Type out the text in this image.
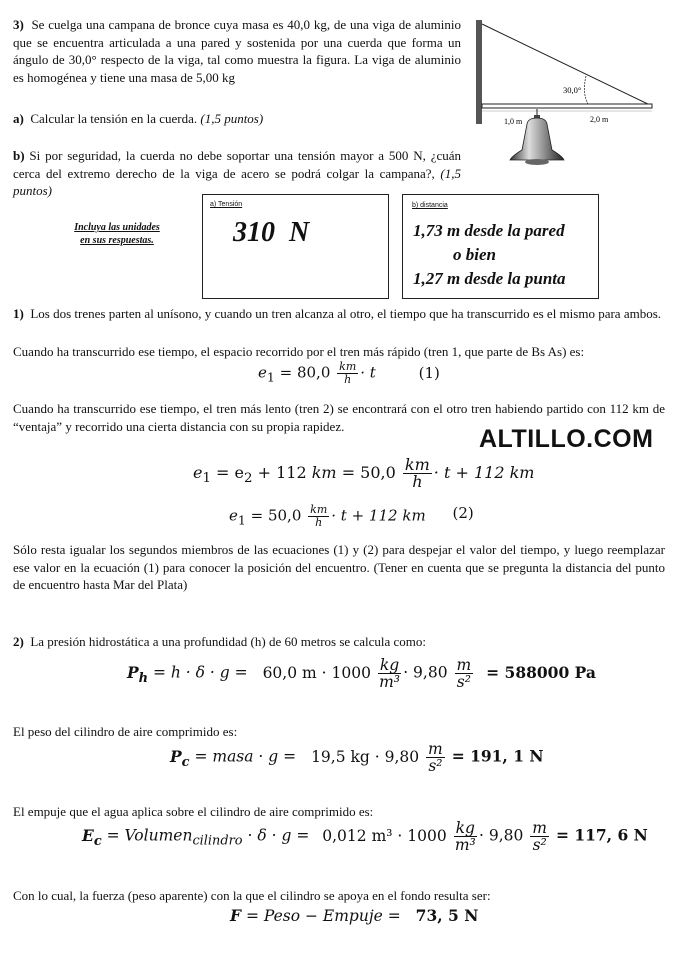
3) Se cuelga una campana de bronce cuya masa es 40,0 kg, de una viga de aluminio que se encuentra articulada a una pared y sostenida por una cuerda que forma un ángulo de 30,0° respecto de la viga, tal como muestra la figura. La viga de aluminio es homogénea y tiene una masa de 5,00 kg
a) Calcular la tensión en la cuerda. (1,5 puntos)
b) Si por seguridad, la cuerda no debe soportar una tensión mayor a 500 N, ¿cuán cerca del extremo derecho de la viga de acero se podrá colgar la campana?, (1,5 puntos)
Incluya las unidades
en sus respuestas.
a) Tensión
310  N
b) distancia
1,73 m desde la pared
o bien
1,27 m desde la punta
30,0°
1,0 m	2,0 m
1) Los dos trenes parten al unísono, y cuando un tren alcanza al otro, el tiempo que ha transcurrido es el mismo para ambos.
Cuando ha transcurrido ese tiempo, el espacio recorrido por el tren más rápido (tren 1, que parte de Bs As) es:
$e_1 = 80,0 \frac{km}{h} \cdot t$	(1)
Cuando ha transcurrido ese tiempo, el tren más lento (tren 2) se encontrará con el otro tren habiendo partido con 112 km de “ventaja” y recorrido una cierta distancia con su propia rapidez.	ALTILLO.COM
$e_1 = e_2 + 112$ km = $50,0 \frac{km}{h} \cdot t + 112$ km
$e_1 = 50,0 \frac{km}{h} \cdot t + 112$ km (2)
Sólo resta igualar los segundos miembros de las ecuaciones (1) y (2) para despejar el valor del tiempo, y luego reemplazar ese valor en la ecuación (1) para conocer la posición del encuentro. (Tener en cuenta que se pregunta la distancia del punto de encuentro hasta Mar del Plata)
2) La presión hidrostática a una profundidad (h) de 60 metros se calcula como:
$P_h = h \cdot \delta \cdot g = 60,0$ $m \cdot 1000 \frac{kg}{\text{m³}} \cdot 9,80 \frac{m}{\text{s²}} = 588000$ Pa
El peso del cilindro de aire comprimido es:
$P_c$ = masa · g = 19,5 kg · $9,80 \frac{m}{\text{s²}} = 191$, 1 N
El empuje que el agua aplica sobre el cilindro de aire comprimido es:
$E_c$ = Volumen$_{cilindro}$ · δ · g = 0,012 $m^3 \cdot 1000 \frac{kg}{\text{m³}} \cdot 9,80 \frac{m}{\text{s²}} = 117$, 6 N
Con lo cual, la fuerza (peso aparente) con la que el cilindro se apoya en el fondo resulta ser:
F = Peso − Empuje = 73, 5 N
